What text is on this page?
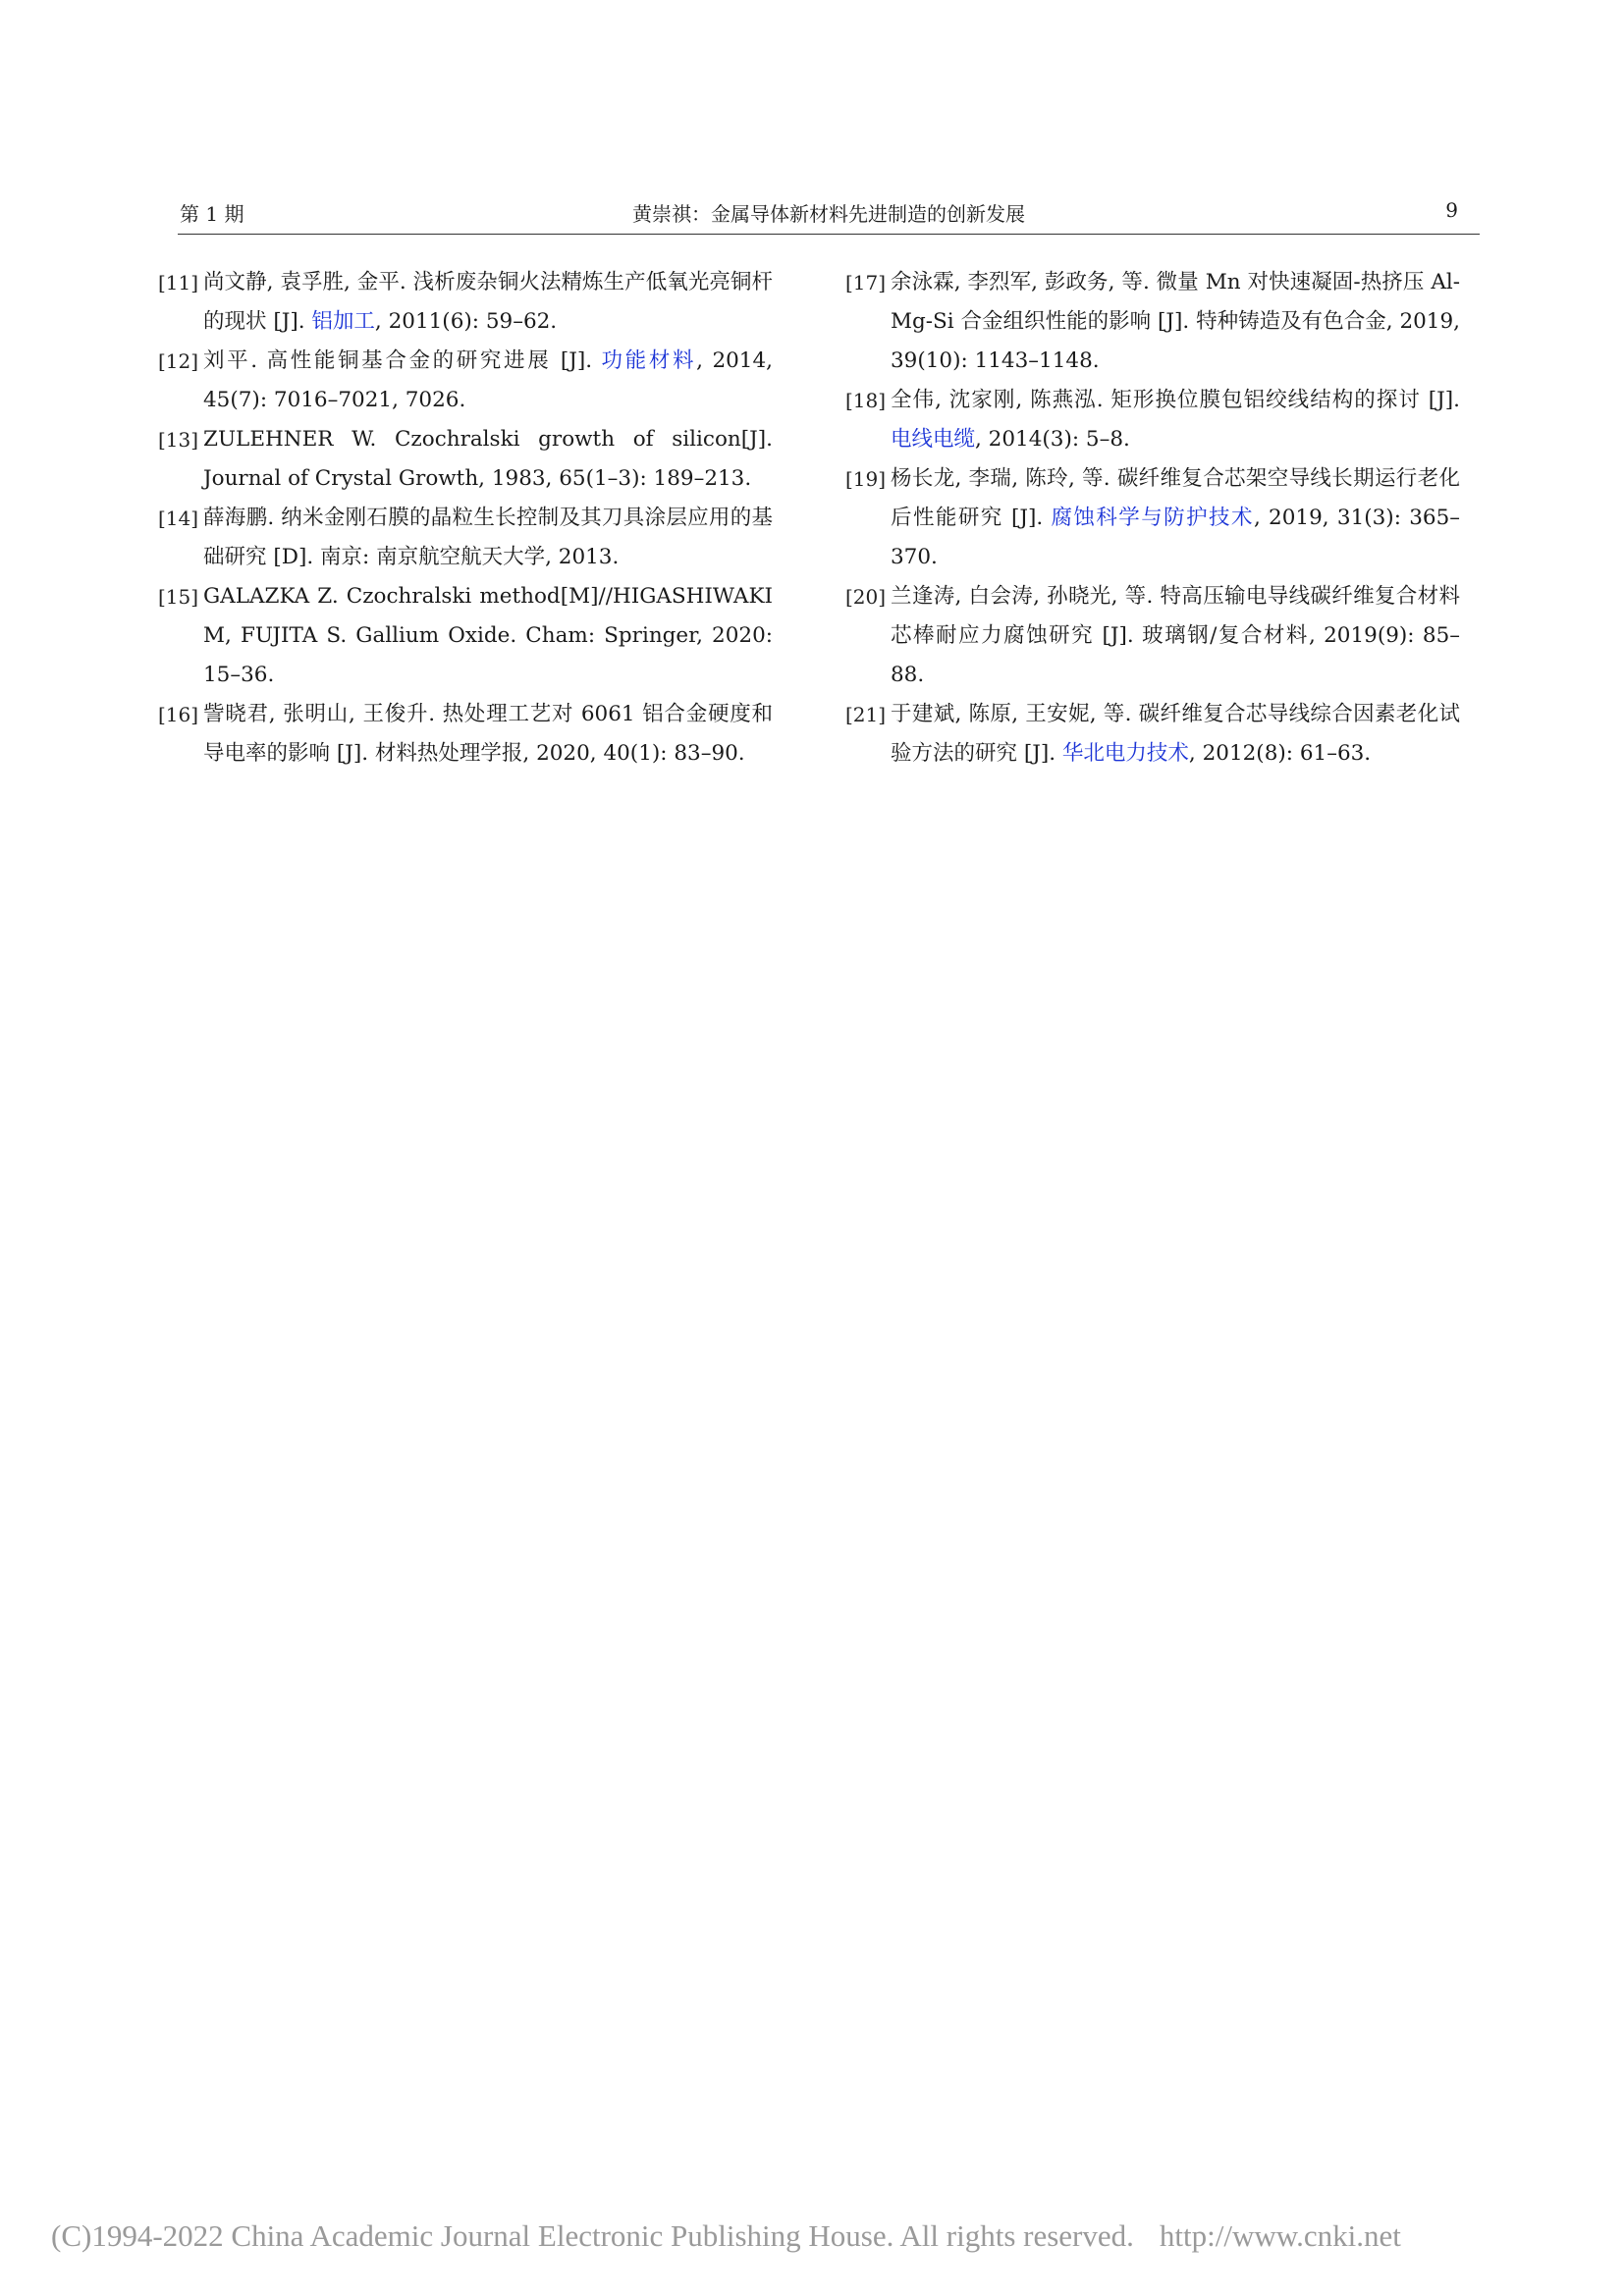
第 1 期	黄崇祺：金属导体新材料先进制造的创新发展	9
[11] 尚文静, 袁孚胜, 金平. 浅析废杂铜火法精炼生产低氧光亮铜杆的现状 [J]. 铝加工, 2011(6): 59–62.
[12] 刘平. 高性能铜基合金的研究进展 [J]. 功能材料, 2014, 45(7): 7016–7021, 7026.
[13] ZULEHNER W. Czochralski growth of silicon[J]. Journal of Crystal Growth, 1983, 65(1–3): 189–213.
[14] 薛海鹏. 纳米金刚石膜的晶粒生长控制及其刀具涂层应用的基础研究 [D]. 南京: 南京航空航天大学, 2013.
[15] GALAZKA Z. Czochralski method[M]//HIGASHIWAKI M, FUJITA S. Gallium Oxide. Cham: Springer, 2020: 15–36.
[16] 訾晓君, 张明山, 王俊升. 热处理工艺对 6061 铝合金硬度和导电率的影响 [J]. 材料热处理学报, 2020, 40(1): 83–90.
[17] 余泳霖, 李烈军, 彭政务, 等. 微量 Mn 对快速凝固-热挤压 Al-Mg-Si 合金组织性能的影响 [J]. 特种铸造及有色合金, 2019, 39(10): 1143–1148.
[18] 全伟, 沈家刚, 陈燕泓. 矩形换位膜包铝绞线结构的探讨 [J]. 电线电缆, 2014(3): 5–8.
[19] 杨长龙, 李瑞, 陈玲, 等. 碳纤维复合芯架空导线长期运行老化后性能研究 [J]. 腐蚀科学与防护技术, 2019, 31(3): 365–370.
[20] 兰逢涛, 白会涛, 孙晓光, 等. 特高压输电导线碳纤维复合材料芯棒耐应力腐蚀研究 [J]. 玻璃钢/复合材料, 2019(9): 85–88.
[21] 于建斌, 陈原, 王安妮, 等. 碳纤维复合芯导线综合因素老化试验方法的研究 [J]. 华北电力技术, 2012(8): 61–63.
(C)1994-2022 China Academic Journal Electronic Publishing House. All rights reserved. http://www.cnki.net
